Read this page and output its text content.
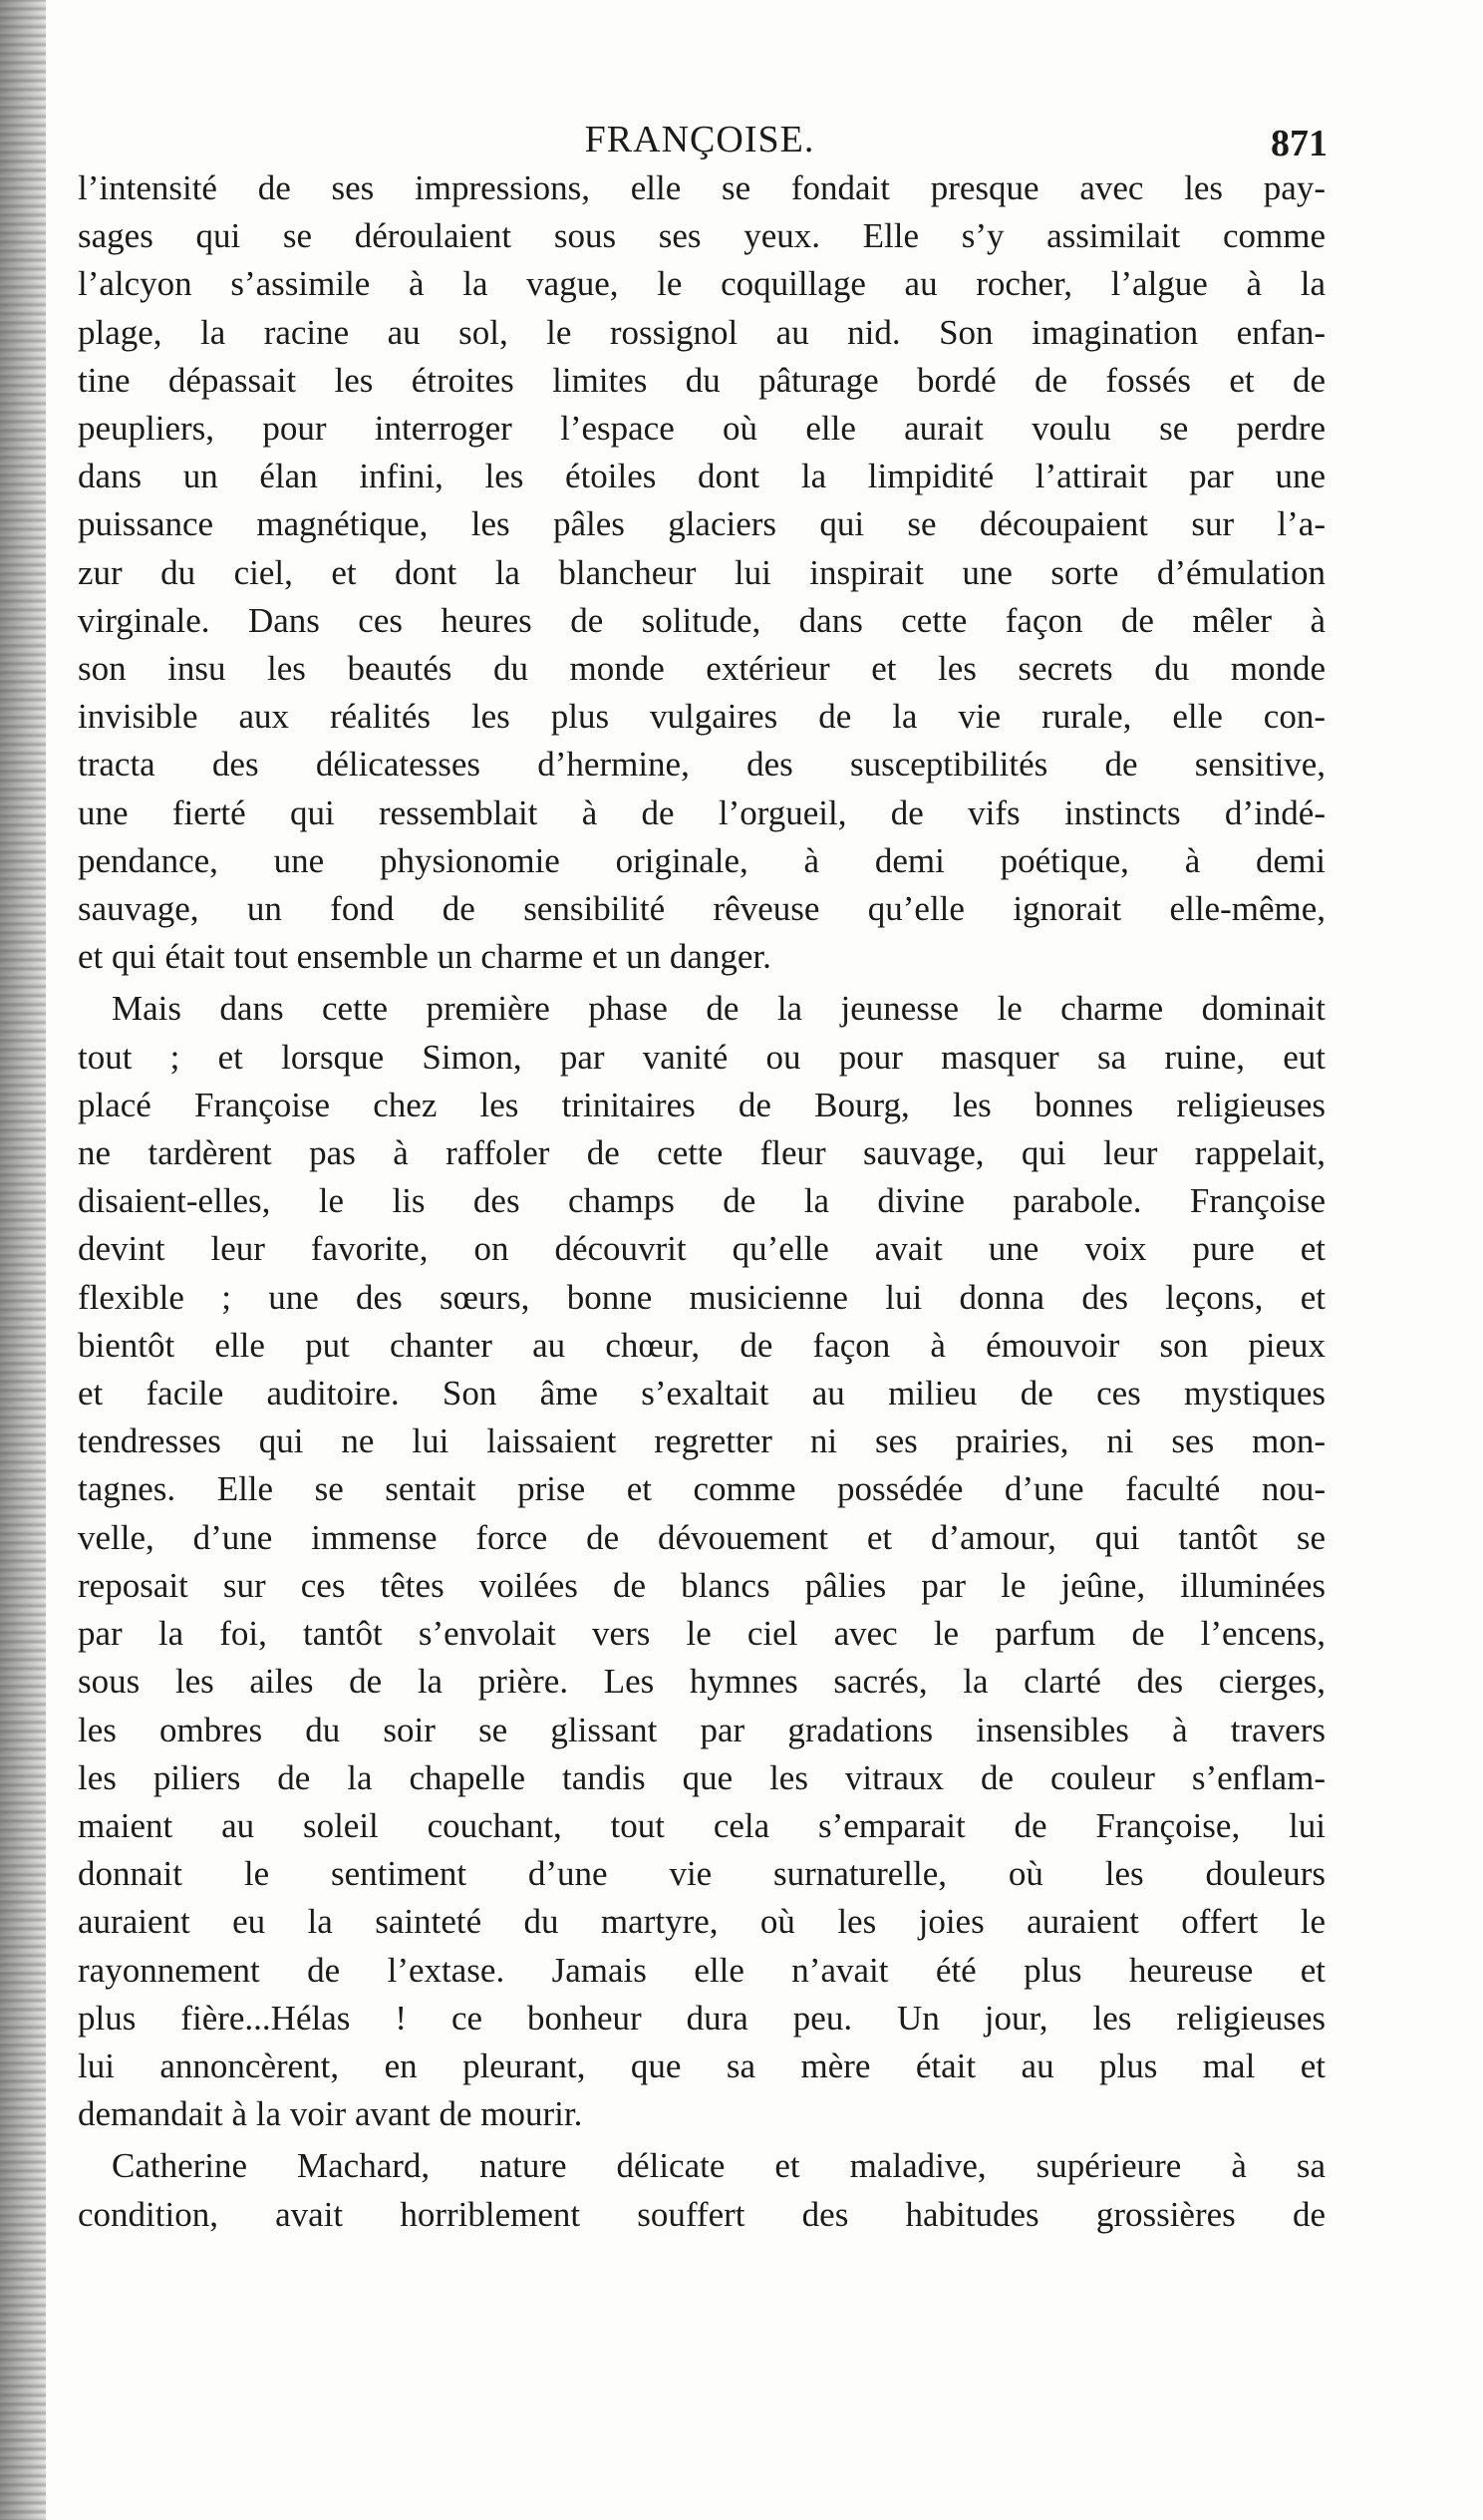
FRANÇOISE.	871
l’intensité de ses impressions, elle se fondait presque avec les pay-
sages qui se déroulaient sous ses yeux. Elle s’y assimilait comme
l’alcyon s’assimile à la vague, le coquillage au rocher, l’algue à la
plage, la racine au sol, le rossignol au nid. Son imagination enfan-
tine dépassait les étroites limites du pâturage bordé de fossés et de
peupliers, pour interroger l’espace où elle aurait voulu se perdre
dans un élan infini, les étoiles dont la limpidité l’attirait par une
puissance magnétique, les pâles glaciers qui se découpaient sur l’a-
zur du ciel, et dont la blancheur lui inspirait une sorte d’émulation
virginale. Dans ces heures de solitude, dans cette façon de mêler à
son insu les beautés du monde extérieur et les secrets du monde
invisible aux réalités les plus vulgaires de la vie rurale, elle con-
tracta des délicatesses d’hermine, des susceptibilités de sensitive,
une fierté qui ressemblait à de l’orgueil, de vifs instincts d’indé-
pendance, une physionomie originale, à demi poétique, à demi
sauvage, un fond de sensibilité rêveuse qu’elle ignorait elle-même,
et qui était tout ensemble un charme et un danger.
Mais dans cette première phase de la jeunesse le charme dominait
tout ; et lorsque Simon, par vanité ou pour masquer sa ruine, eut
placé Françoise chez les trinitaires de Bourg, les bonnes religieuses
ne tardèrent pas à raffoler de cette fleur sauvage, qui leur rappelait,
disaient-elles, le lis des champs de la divine parabole. Françoise
devint leur favorite, on découvrit qu’elle avait une voix pure et
flexible ; une des sœurs, bonne musicienne lui donna des leçons, et
bientôt elle put chanter au chœur, de façon à émouvoir son pieux
et facile auditoire. Son âme s’exaltait au milieu de ces mystiques
tendresses qui ne lui laissaient regretter ni ses prairies, ni ses mon-
tagnes. Elle se sentait prise et comme possédée d’une faculté nou-
velle, d’une immense force de dévouement et d’amour, qui tantôt se
reposait sur ces têtes voilées de blancs pâlies par le jeûne, illuminées
par la foi, tantôt s’envolait vers le ciel avec le parfum de l’encens,
sous les ailes de la prière. Les hymnes sacrés, la clarté des cierges,
les ombres du soir se glissant par gradations insensibles à travers
les piliers de la chapelle tandis que les vitraux de couleur s’enflam-
maient au soleil couchant, tout cela s’emparait de Françoise, lui
donnait le sentiment d’une vie surnaturelle, où les douleurs
auraient eu la sainteté du martyre, où les joies auraient offert le
rayonnement de l’extase. Jamais elle n’avait été plus heureuse et
plus fière...Hélas ! ce bonheur dura peu. Un jour, les religieuses
lui annoncèrent, en pleurant, que sa mère était au plus mal et
demandait à la voir avant de mourir.
Catherine Machard, nature délicate et maladive, supérieure à sa
condition, avait horriblement souffert des habitudes grossières de
